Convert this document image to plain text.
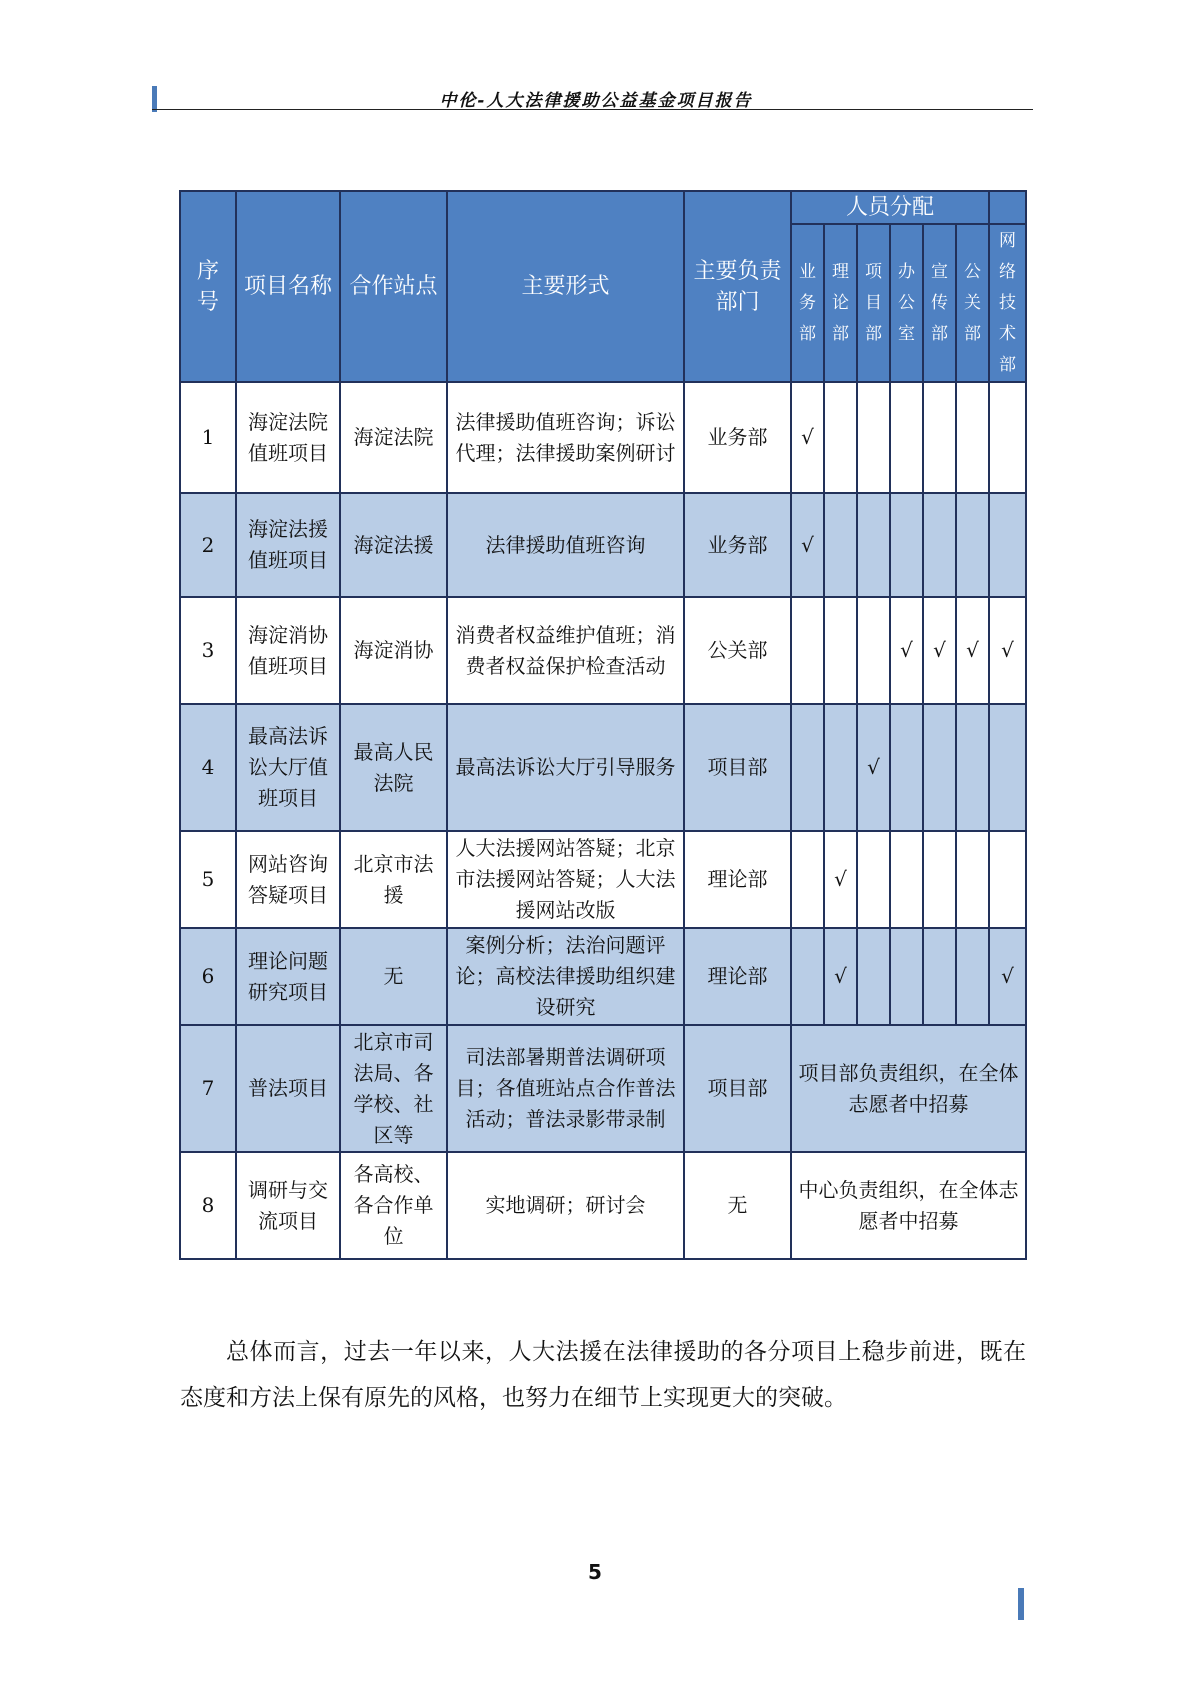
中伦-人大法律援助公益基金项目报告
序号	项目名称	合作站点	主要形式	主要负责部门	人员分配						
					业务部	理论部	项目部	办公室	宣传部	公关部	网络技术部
1	海淀法院值班项目	海淀法院	法律援助值班咨询；诉讼代理；法律援助案例研讨	业务部	√						
2	海淀法援值班项目	海淀法援	法律援助值班咨询	业务部	√						
3	海淀消协值班项目	海淀消协	消费者权益维护值班；消费者权益保护检查活动	公关部				√	√	√	√
4	最高法诉讼大厅值班项目	最高人民法院	最高法诉讼大厅引导服务	项目部			√				
5	网站咨询答疑项目	北京市法援	人大法援网站答疑；北京市法援网站答疑；人大法援网站改版	理论部		√					
6	理论问题研究项目	无	案例分析；法治问题评论；高校法律援助组织建设研究	理论部		√					√
7	普法项目	北京市司法局、各学校、社区等	司法部暑期普法调研项目；各值班站点合作普法活动；普法录影带录制	项目部	项目部负责组织，在全体志愿者中招募						
8	调研与交流项目	各高校、各合作单位	实地调研；研讨会	无	中心负责组织，在全体志愿者中招募						

总体而言，过去一年以来，人大法援在法律援助的各分项目上稳步前进，既在态度和方法上保有原先的风格，也努力在细节上实现更大的突破。

5
